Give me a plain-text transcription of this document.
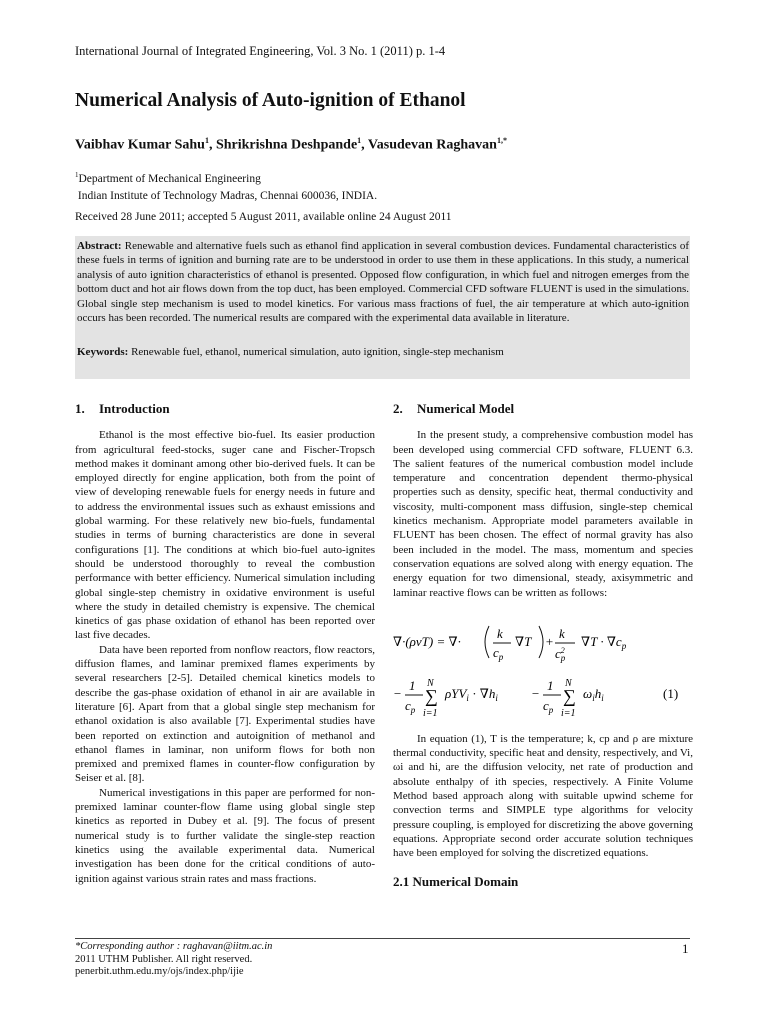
International Journal of Integrated Engineering, Vol. 3 No. 1 (2011) p. 1-4
Numerical Analysis of Auto-ignition of Ethanol
Vaibhav Kumar Sahu$^1$, Shrikrishna Deshpande$^1$, Vasudevan Raghavan$^{1,*}$
$^1$Department of Mechanical Engineering
Indian Institute of Technology Madras, Chennai 600036, INDIA.
Received 28 June 2011; accepted 5 August 2011, available online 24 August 2011
Abstract: Renewable and alternative fuels such as ethanol find application in several combustion devices. Fundamental characteristics of these fuels in terms of ignition and burning rate are to be understood in order to use them in these applications. In this study, a numerical analysis of auto ignition characteristics of ethanol is presented. Opposed flow configuration, in which fuel and nitrogen emerges from the bottom duct and hot air flows down from the top duct, has been employed. Commercial CFD software FLUENT is used in the simulations. Global single step mechanism is used to model kinetics. For various mass fractions of fuel, the air temperature at which auto-ignition occurs has been recorded. The numerical results are compared with the experimental data available in literature.
Keywords: Renewable fuel, ethanol, numerical simulation, auto ignition, single-step mechanism
1. Introduction

Ethanol is the most effective bio-fuel. Its easier production from agricultural feed-stocks, suger cane and Fischer-Tropsch method makes it dominant among other bio-derived fuels. It can be employed directly for engine application, both from the point of view of developing renewable fuels for energy needs in future and to address the environmental issues such as exhaust emissions and global warming. For these relatively new bio-fuels, fundamental studies in terms of burning characteristics are done in several configurations [1]. The conditions at which bio-fuel auto-ignites should be understood thoroughly to reveal the combustion performance with better efficiency. Numerical simulation including global single-step chemistry in oxidative environment is useful where the study in detailed chemistry is expensive. The chemical kinetics of gas phase oxidation of ethanol has been reported over last five decades.

Data have been reported from nonflow reactors, flow reactors, diffusion flames, and laminar premixed flames experiments by several researchers [2-5]. Detailed chemical kinetics models to describe the gas-phase oxidation of ethanol in air are available in literature [6]. Apart from that a global single step mechanism for ethanol oxidation is also available [7]. Experimental studies have been reported on extinction and autoignition of methanol and ethanol flames in laminar, non uniform flows for both non premixed and premixed flames in counter-flow configuration by Seiser et al. [8].

Numerical investigations in this paper are performed for non-premixed laminar counter-flow flame using global single step kinetics as reported in Dubey et al. [9]. The focus of present numerical study is to further validate the single-step reaction kinetics using the available experimental data. Numerical investigation has been done for the critical conditions of auto-ignition against various strain rates and mass fractions.

2. Numerical Model

In the present study, a comprehensive combustion model has been developed using commercial CFD software, FLUENT 6.3. The salient features of the numerical combustion model include temperature and concentration dependent thermo-physical properties such as density, specific heat, thermal conductivity and viscosity, multi-component mass diffusion, single-step chemical kinetics mechanism. Appropriate model parameters available in FLUENT has been chosen. The effect of normal gravity has also been included in the model. The mass, momentum and species conservation equations are solved along with energy equation. The energy equation for two dimensional, steady, axisymmetric and laminar reactive flows can be written as follows:

∇·(ρvT) = ∇·
k
$c_p$
∇T +
k
$c^2$ p
$\nabla T \cdot \nabla c_p$
−
1
$c_p$
N
∑
i=1
$\rho YV_i \cdot \nabla h_i$	−
1
$c_p$
N
∑
i=1
$\omega_ih_i$	(1)

In equation (1), T is the temperature; k, cp and ρ are mixture thermal conductivity, specific heat and density, respectively, and Vi, ωi and hi, are the diffusion velocity, net rate of production and absolute enthalpy of ith species, respectively. A Finite Volume Method based approach along with suitable upwind scheme for convection terms and SIMPLE type algorithms for velocity pressure coupling, is employed for discretizing the above governing equations. Appropriate second order accurate solution techniques have been employed for solving the discretized equations.

2.1 Numerical Domain
*Corresponding author : raghavan@iitm.ac.in
2011 UTHM Publisher. All right reserved.
penerbit.uthm.edu.my/ojs/index.php/ijie
1
